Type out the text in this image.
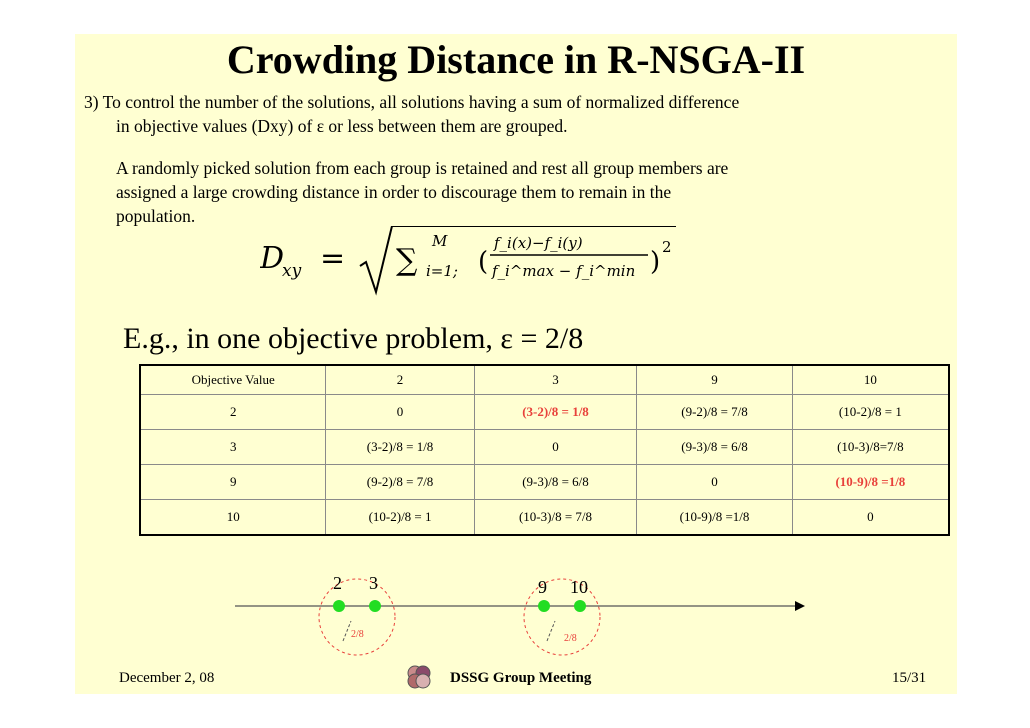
Crowding Distance in R-NSGA-II
3) To control the number of the solutions, all solutions having a sum of normalized difference
in objective values (Dxy) of ε or less between them are grouped.
A randomly picked solution from each group is retained and rest all group members are
assigned a large crowding distance in order to discourage them to remain in the
population.
D
xy = ∑
M
i=1; (
f_i(x)−f_i(y)
f_i^max − f_i^min ) 2
E.g., in one objective problem, ε = 2/8
Objective Value	2	3	9	10
2	0	(3-2)/8 = 1/8	(9-2)/8 = 7/8	(10-2)/8 = 1
3	(3-2)/8 = 1/8	0	(9-3)/8 = 6/8	(10-3)/8=7/8
9	(9-2)/8 = 7/8	(9-3)/8 = 6/8	0	(10-9)/8 =1/8
10	(10-2)/8 = 1	(10-3)/8 = 7/8	(10-9)/8 =1/8	0
2 3	9 10
2/8	2/8
December 2, 08	DSSG Group Meeting	15/31
